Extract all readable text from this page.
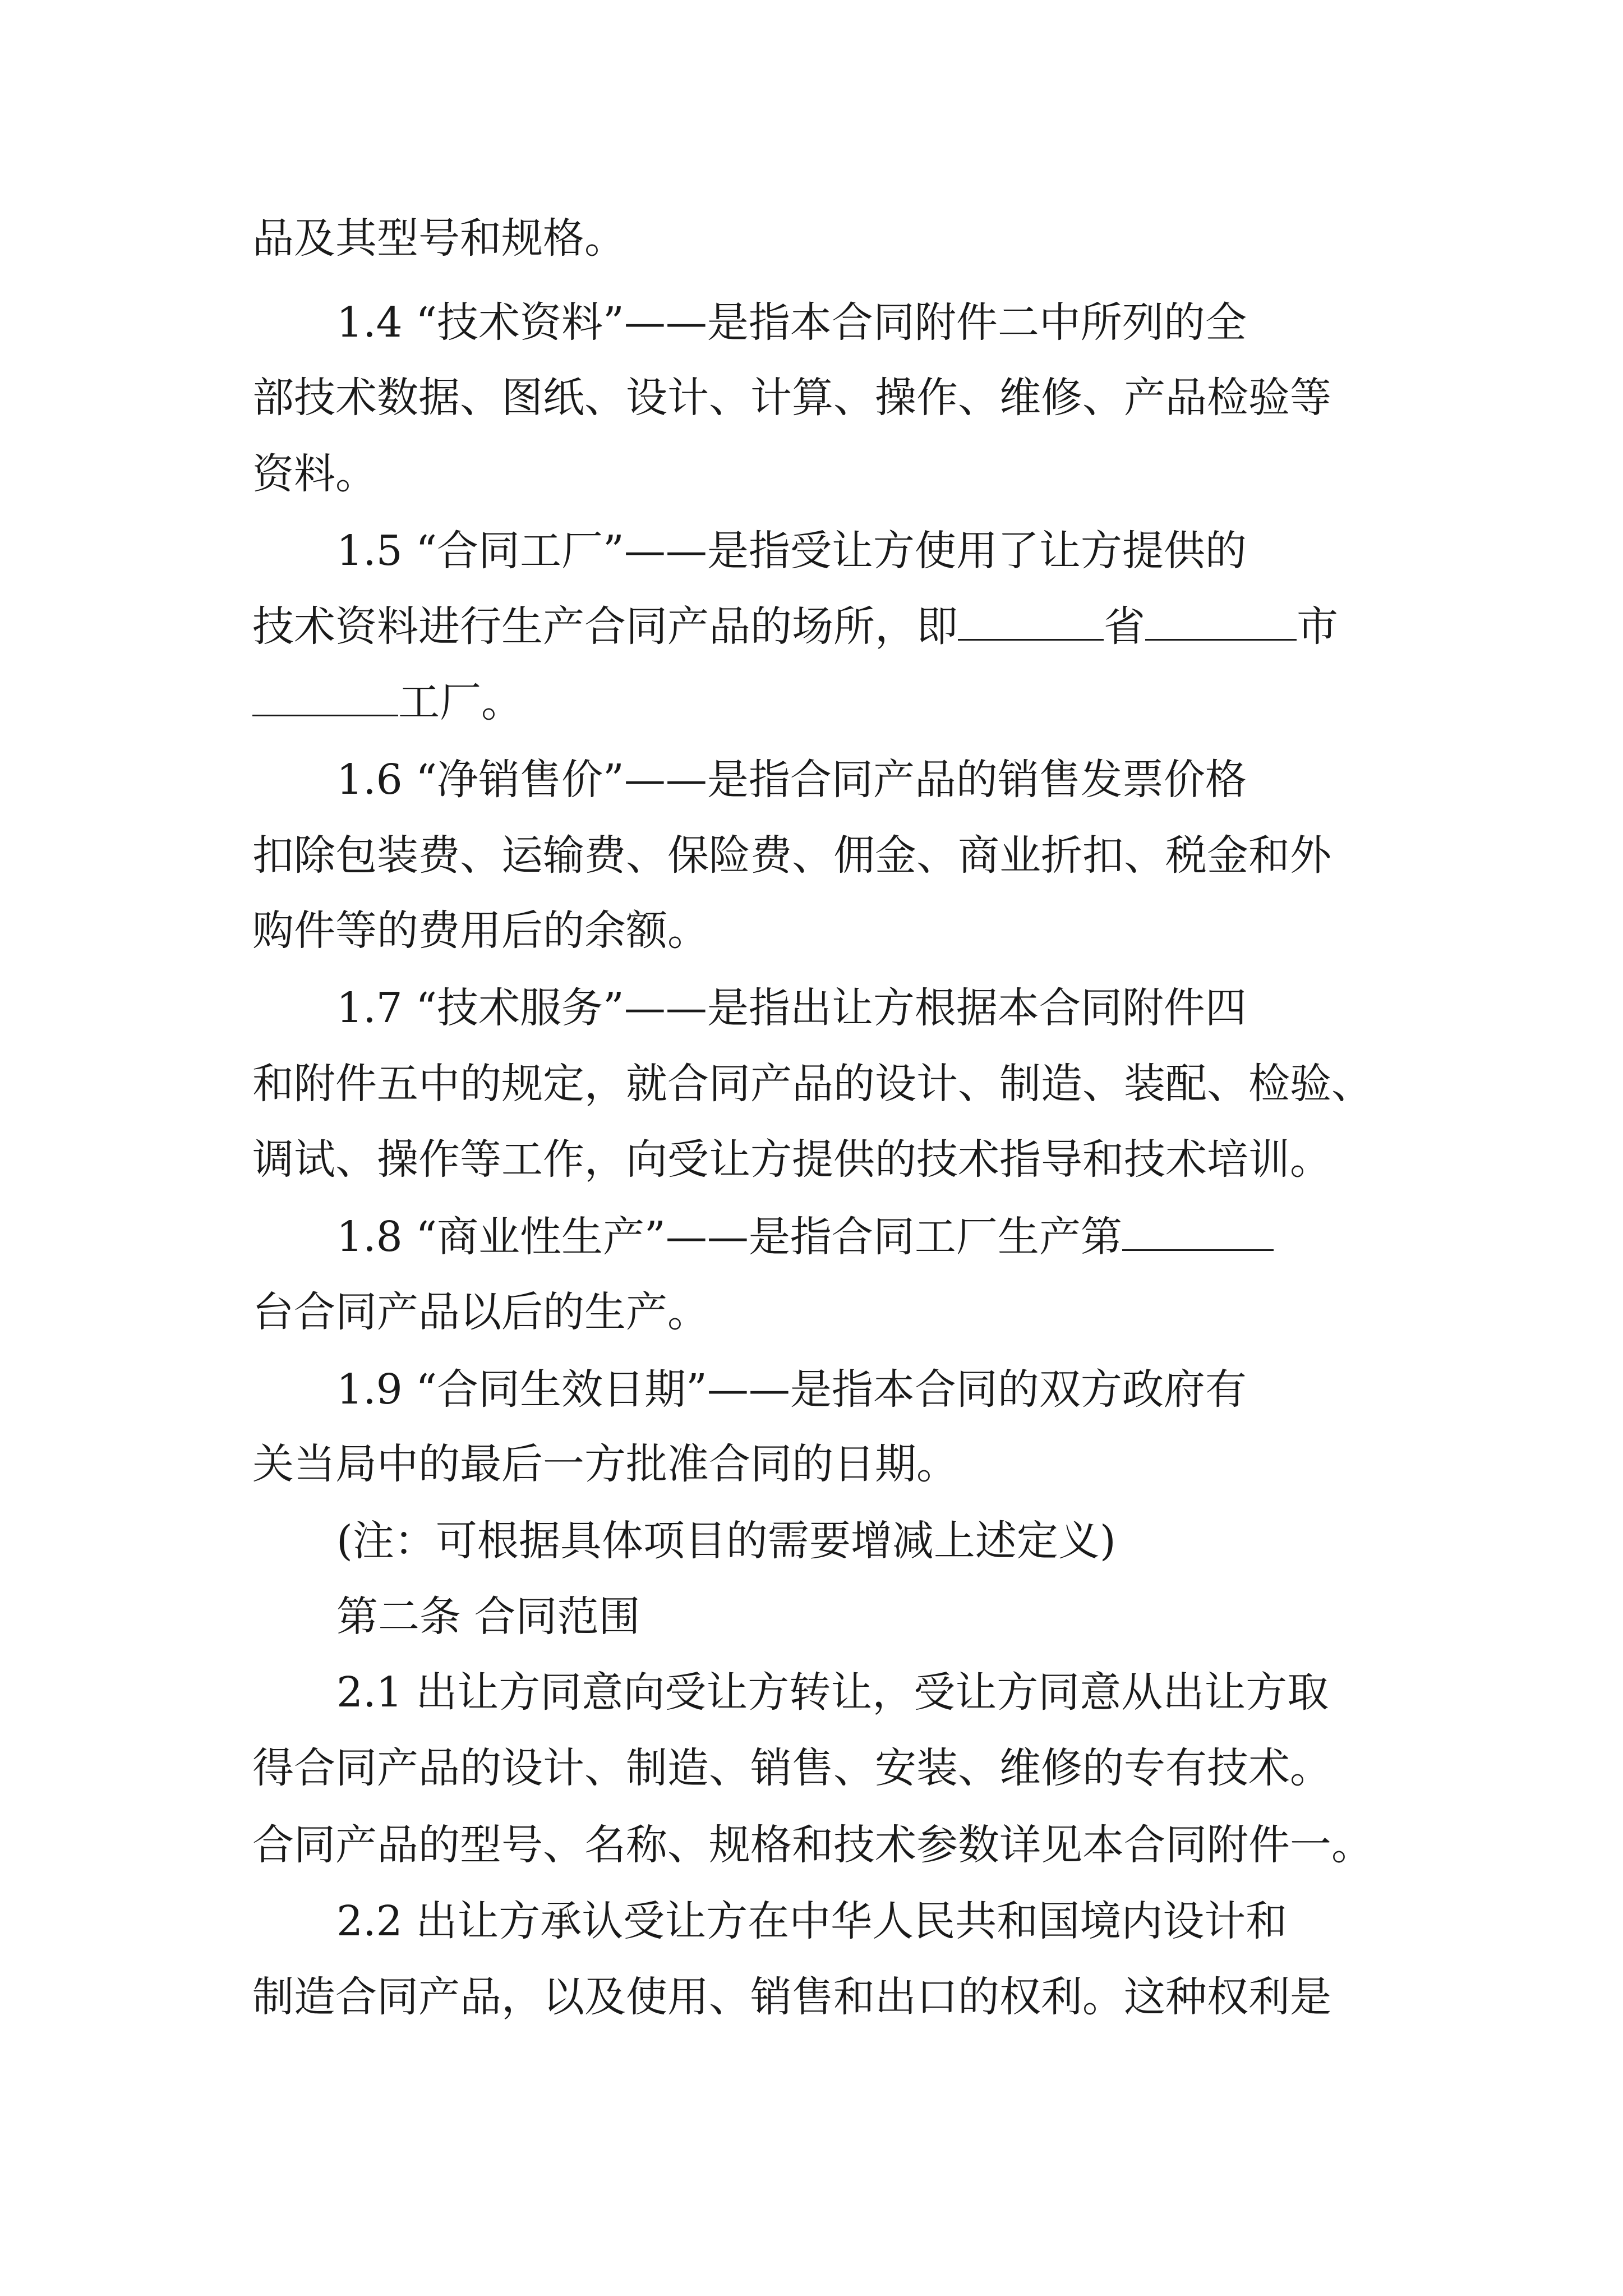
品及其型号和规格。
1.4 “技术资料”——是指本合同附件二中所列的全
部技术数据、图纸、设计、计算、操作、维修、产品检验等
资料。
1.5 “合同工厂”——是指受让方使用了让方提供的
技术资料进行生产合同产品的场所，即	省	市
工厂。
1.6 “净销售价”——是指合同产品的销售发票价格
扣除包装费、运输费、保险费、佣金、商业折扣、税金和外
购件等的费用后的余额。
1.7 “技术服务”——是指出让方根据本合同附件四
和附件五中的规定，就合同产品的设计、制造、装配、检验、
调试、操作等工作，向受让方提供的技术指导和技术培训。
1.8 “商业性生产”——是指合同工厂生产第
台合同产品以后的生产。
1.9 “合同生效日期”——是指本合同的双方政府有
关当局中的最后一方批准合同的日期。
(注：可根据具体项目的需要增减上述定义)
第二条 合同范围
2.1 出让方同意向受让方转让，受让方同意从出让方取
得合同产品的设计、制造、销售、安装、维修的专有技术。
合同产品的型号、名称、规格和技术参数详见本合同附件一。
2.2 出让方承认受让方在中华人民共和国境内设计和
制造合同产品，以及使用、销售和出口的权利。这种权利是
